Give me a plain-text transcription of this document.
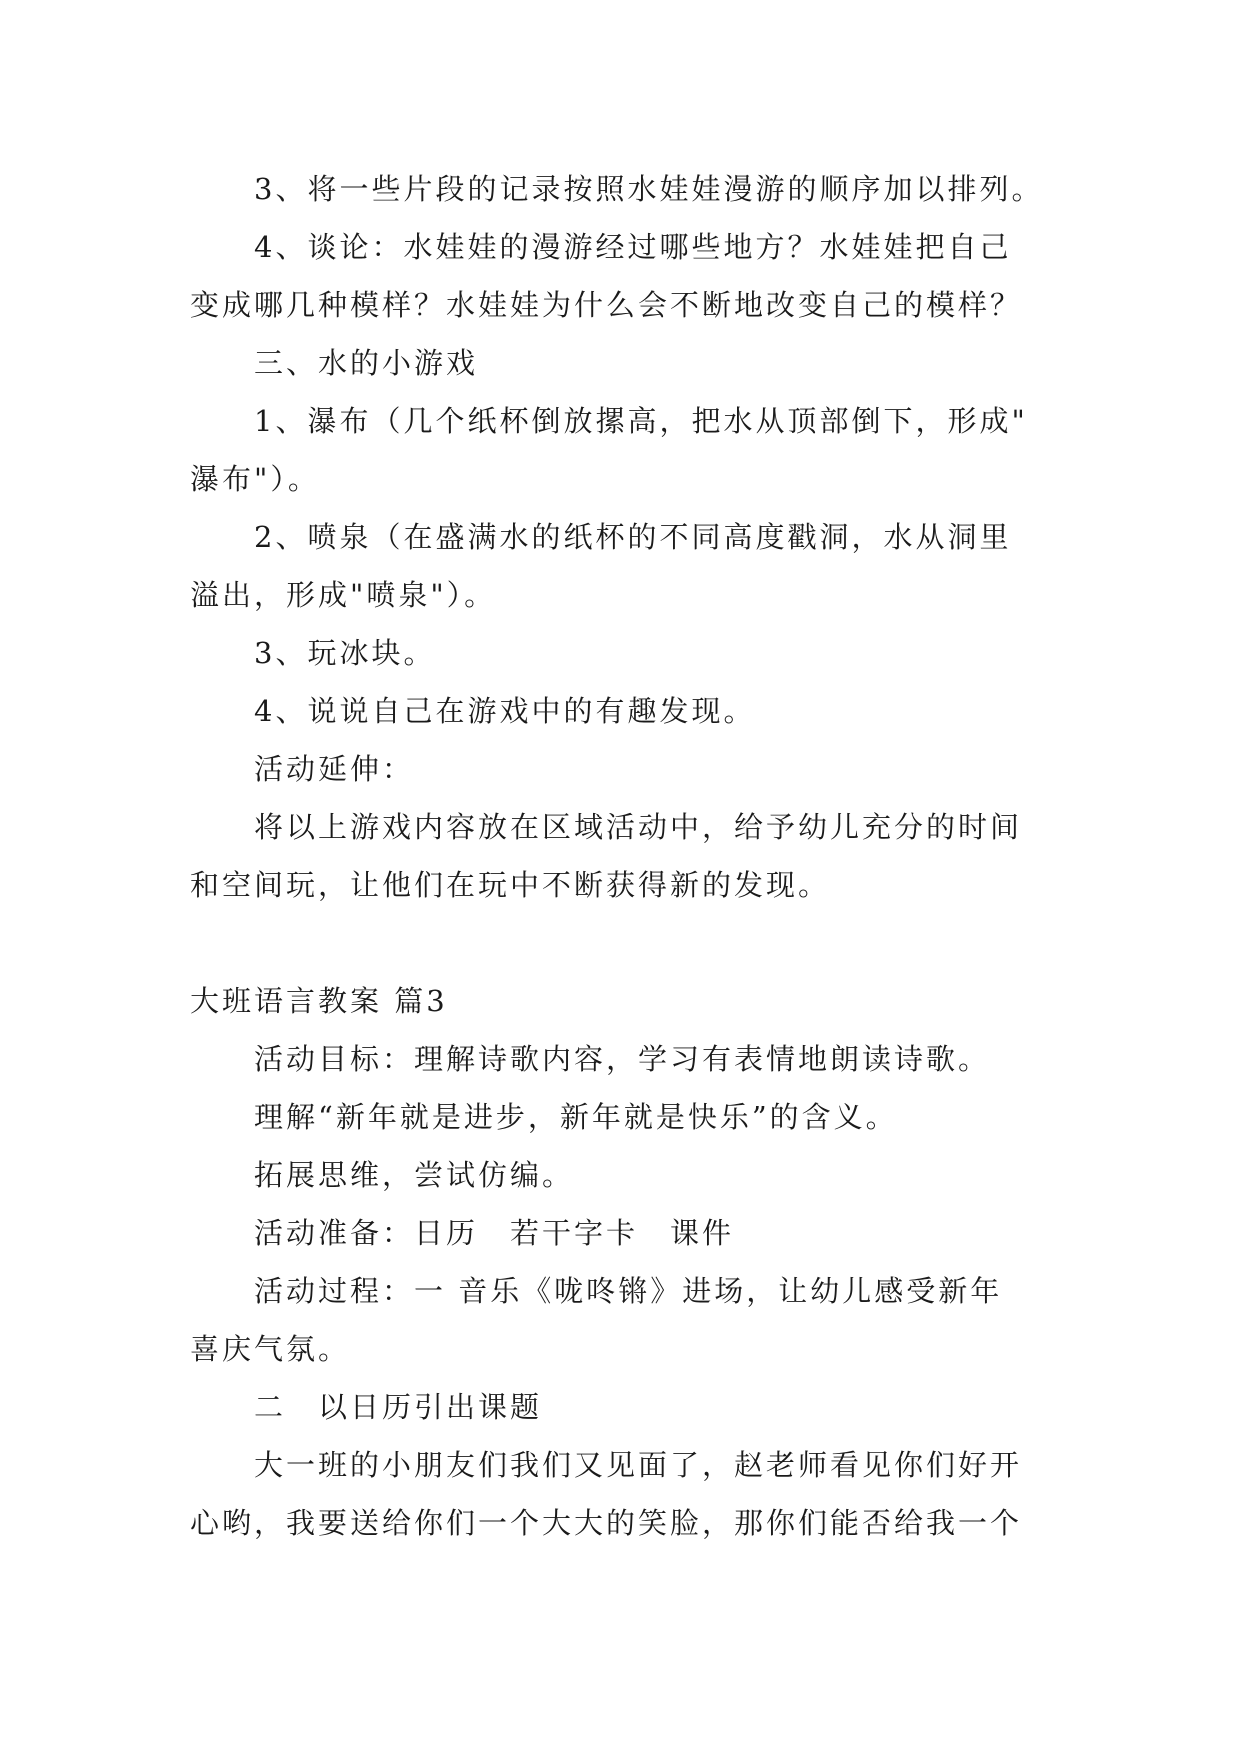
3、将一些片段的记录按照水娃娃漫游的顺序加以排列。
4、谈论：水娃娃的漫游经过哪些地方？水娃娃把自己
变成哪几种模样？水娃娃为什么会不断地改变自己的模样？
三、水的小游戏
1、瀑布（几个纸杯倒放摞高，把水从顶部倒下，形成"
瀑布"）。
2、喷泉（在盛满水的纸杯的不同高度戳洞，水从洞里
溢出，形成"喷泉"）。
3、玩冰块。
4、说说自己在游戏中的有趣发现。
活动延伸：
将以上游戏内容放在区域活动中，给予幼儿充分的时间
和空间玩，让他们在玩中不断获得新的发现。
大班语言教案 篇3
活动目标：理解诗歌内容，学习有表情地朗读诗歌。
理解“新年就是进步，新年就是快乐”的含义。
拓展思维，尝试仿编。
活动准备：日历　若干字卡　课件
活动过程：一 音乐《咙咚锵》进场，让幼儿感受新年
喜庆气氛。
二　以日历引出课题
大一班的小朋友们我们又见面了，赵老师看见你们好开
心哟，我要送给你们一个大大的笑脸，那你们能否给我一个
